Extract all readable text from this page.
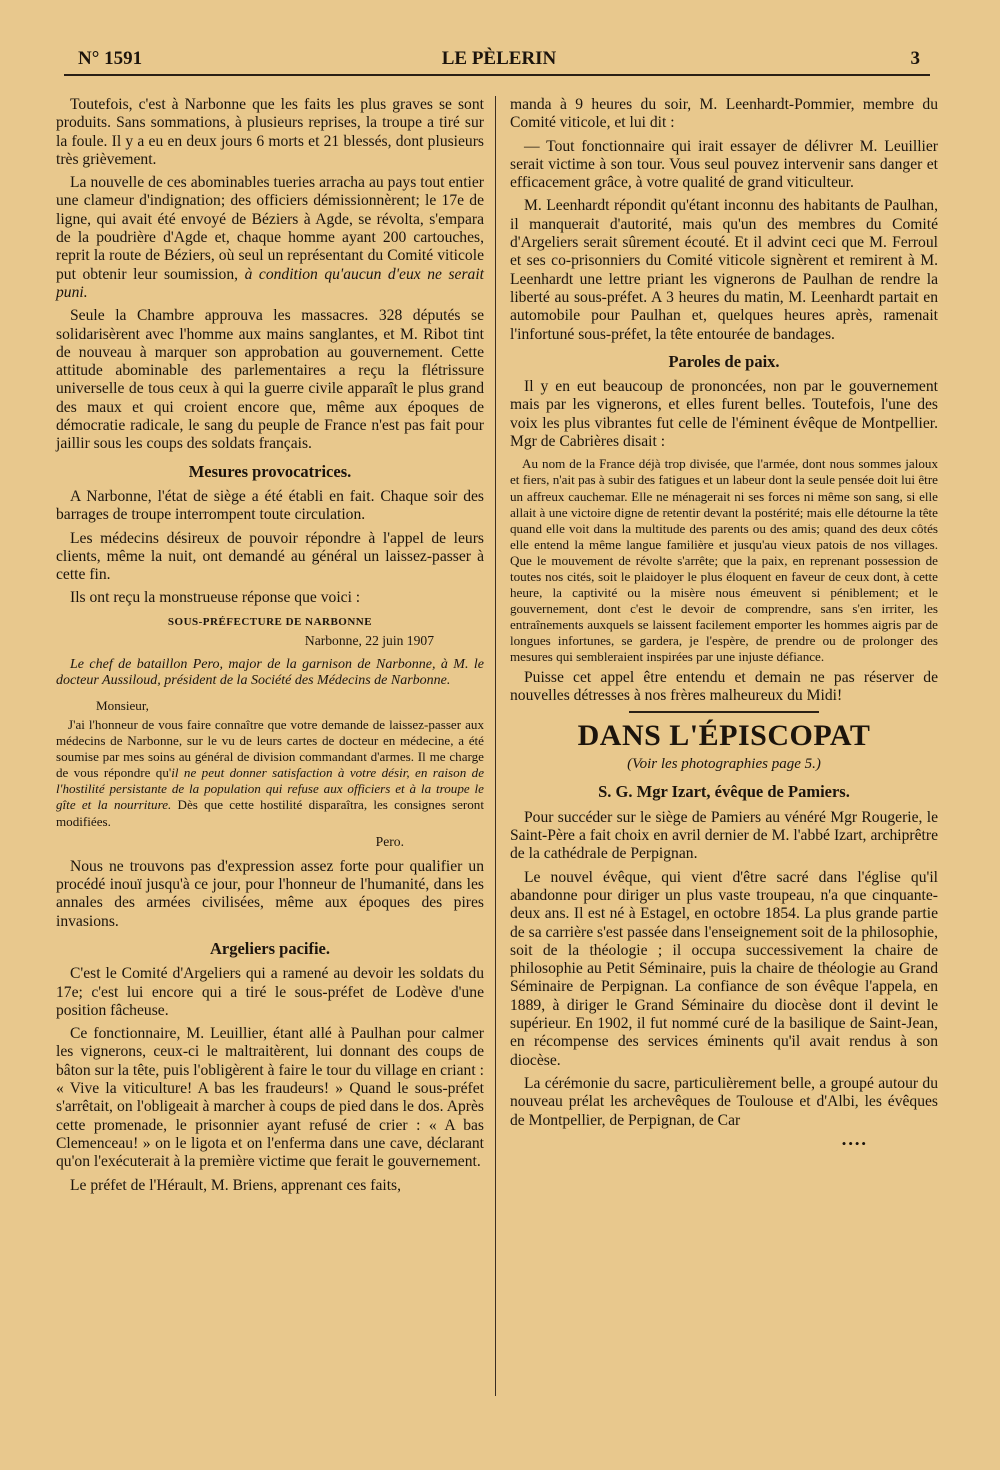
N° 1591	LE PÈLERIN	3

Toutefois, c'est à Narbonne que les faits les plus graves se sont produits. Sans sommations, à plusieurs reprises, la troupe a tiré sur la foule. Il y a eu en deux jours 6 morts et 21 blessés, dont plusieurs très grièvement.

La nouvelle de ces abominables tueries arracha au pays tout entier une clameur d'indignation; des officiers démissionnèrent; le 17e de ligne, qui avait été envoyé de Béziers à Agde, se révolta, s'empara de la poudrière d'Agde et, chaque homme ayant 200 cartouches, reprit la route de Béziers, où seul un représentant du Comité viticole put obtenir leur soumission, à condition qu'aucun d'eux ne serait puni.

Seule la Chambre approuva les massacres. 328 députés se solidarisèrent avec l'homme aux mains sanglantes, et M. Ribot tint de nouveau à marquer son approbation au gouvernement. Cette attitude abominable des parlementaires a reçu la flétrissure universelle de tous ceux à qui la guerre civile apparaît le plus grand des maux et qui croient encore que, même aux époques de démocratie radicale, le sang du peuple de France n'est pas fait pour jaillir sous les coups des soldats français.

Mesures provocatrices.

A Narbonne, l'état de siège a été établi en fait. Chaque soir des barrages de troupe interrompent toute circulation.

Les médecins désireux de pouvoir répondre à l'appel de leurs clients, même la nuit, ont demandé au général un laissez-passer à cette fin.

Ils ont reçu la monstrueuse réponse que voici :

SOUS-PRÉFECTURE DE NARBONNE
Narbonne, 22 juin 1907
Le chef de bataillon Pero, major de la garnison de Narbonne, à M. le docteur Aussiloud, président de la Société des Médecins de Narbonne.

Monsieur,

J'ai l'honneur de vous faire connaître que votre demande de laissez-passer aux médecins de Narbonne, sur le vu de leurs cartes de docteur en médecine, a été soumise par mes soins au général de division commandant d'armes. Il me charge de vous répondre qu'il ne peut donner satisfaction à votre désir, en raison de l'hostilité persistante de la population qui refuse aux officiers et à la troupe le gîte et la nourriture. Dès que cette hostilité disparaîtra, les consignes seront modifiées.

Pero.

Nous ne trouvons pas d'expression assez forte pour qualifier un procédé inouï jusqu'à ce jour, pour l'honneur de l'humanité, dans les annales des armées civilisées, même aux époques des pires invasions.

Argeliers pacifie.

C'est le Comité d'Argeliers qui a ramené au devoir les soldats du 17e; c'est lui encore qui a tiré le sous-préfet de Lodève d'une position fâcheuse.

Ce fonctionnaire, M. Leuillier, étant allé à Paulhan pour calmer les vignerons, ceux-ci le maltraitèrent, lui donnant des coups de bâton sur la tête, puis l'obligèrent à faire le tour du village en criant : « Vive la viticulture! A bas les fraudeurs! » Quand le sous-préfet s'arrêtait, on l'obligeait à marcher à coups de pied dans le dos. Après cette promenade, le prisonnier ayant refusé de crier : « A bas Clemenceau! » on le ligota et on l'enferma dans une cave, déclarant qu'on l'exécuterait à la première victime que ferait le gouvernement.

Le préfet de l'Hérault, M. Briens, apprenant ces faits,

manda à 9 heures du soir, M. Leenhardt-Pommier, membre du Comité viticole, et lui dit :

— Tout fonctionnaire qui irait essayer de délivrer M. Leuillier serait victime à son tour. Vous seul pouvez intervenir sans danger et efficacement grâce, à votre qualité de grand viticulteur.

M. Leenhardt répondit qu'étant inconnu des habitants de Paulhan, il manquerait d'autorité, mais qu'un des membres du Comité d'Argeliers serait sûrement écouté. Et il advint ceci que M. Ferroul et ses co-prisonniers du Comité viticole signèrent et remirent à M. Leenhardt une lettre priant les vignerons de Paulhan de rendre la liberté au sous-préfet. A 3 heures du matin, M. Leenhardt partait en automobile pour Paulhan et, quelques heures après, ramenait l'infortuné sous-préfet, la tête entourée de bandages.

Paroles de paix.

Il y en eut beaucoup de prononcées, non par le gouvernement mais par les vignerons, et elles furent belles. Toutefois, l'une des voix les plus vibrantes fut celle de l'éminent évêque de Montpellier. Mgr de Cabrières disait :

Au nom de la France déjà trop divisée, que l'armée, dont nous sommes jaloux et fiers, n'ait pas à subir des fatigues et un labeur dont la seule pensée doit lui être un affreux cauchemar. Elle ne ménagerait ni ses forces ni même son sang, si elle allait à une victoire digne de retentir devant la postérité; mais elle détourne la tête quand elle voit dans la multitude des parents ou des amis; quand des deux côtés elle entend la même langue familière et jusqu'au vieux patois de nos villages. Que le mouvement de révolte s'arrête; que la paix, en reprenant possession de toutes nos cités, soit le plaidoyer le plus éloquent en faveur de ceux dont, à cette heure, la captivité ou la misère nous émeuvent si péniblement; et le gouvernement, dont c'est le devoir de comprendre, sans s'en irriter, les entraînements auxquels se laissent facilement emporter les hommes aigris par de longues infortunes, se gardera, je l'espère, de prendre ou de prolonger des mesures qui sembleraient inspirées par une injuste défiance.

Puisse cet appel être entendu et demain ne pas réserver de nouvelles détresses à nos frères malheureux du Midi!

DANS L'ÉPISCOPAT
(Voir les photographies page 5.)
S. G. Mgr Izart, évêque de Pamiers.

Pour succéder sur le siège de Pamiers au vénéré Mgr Rougerie, le Saint-Père a fait choix en avril dernier de M. l'abbé Izart, archiprêtre de la cathédrale de Perpignan.

Le nouvel évêque, qui vient d'être sacré dans l'église qu'il abandonne pour diriger un plus vaste troupeau, n'a que cinquante-deux ans. Il est né à Estagel, en octobre 1854. La plus grande partie de sa carrière s'est passée dans l'enseignement soit de la philosophie, soit de la théologie ; il occupa successivement la chaire de philosophie au Petit Séminaire, puis la chaire de théologie au Grand Séminaire de Perpignan. La confiance de son évêque l'appela, en 1889, à diriger le Grand Séminaire du diocèse dont il devint le supérieur. En 1902, il fut nommé curé de la basilique de Saint-Jean, en récompense des services éminents qu'il avait rendus à son diocèse.

La cérémonie du sacre, particulièrement belle, a groupé autour du nouveau prélat les archevêques de Toulouse et d'Albi, les évêques de Montpellier, de Perpignan, de Car

••••
